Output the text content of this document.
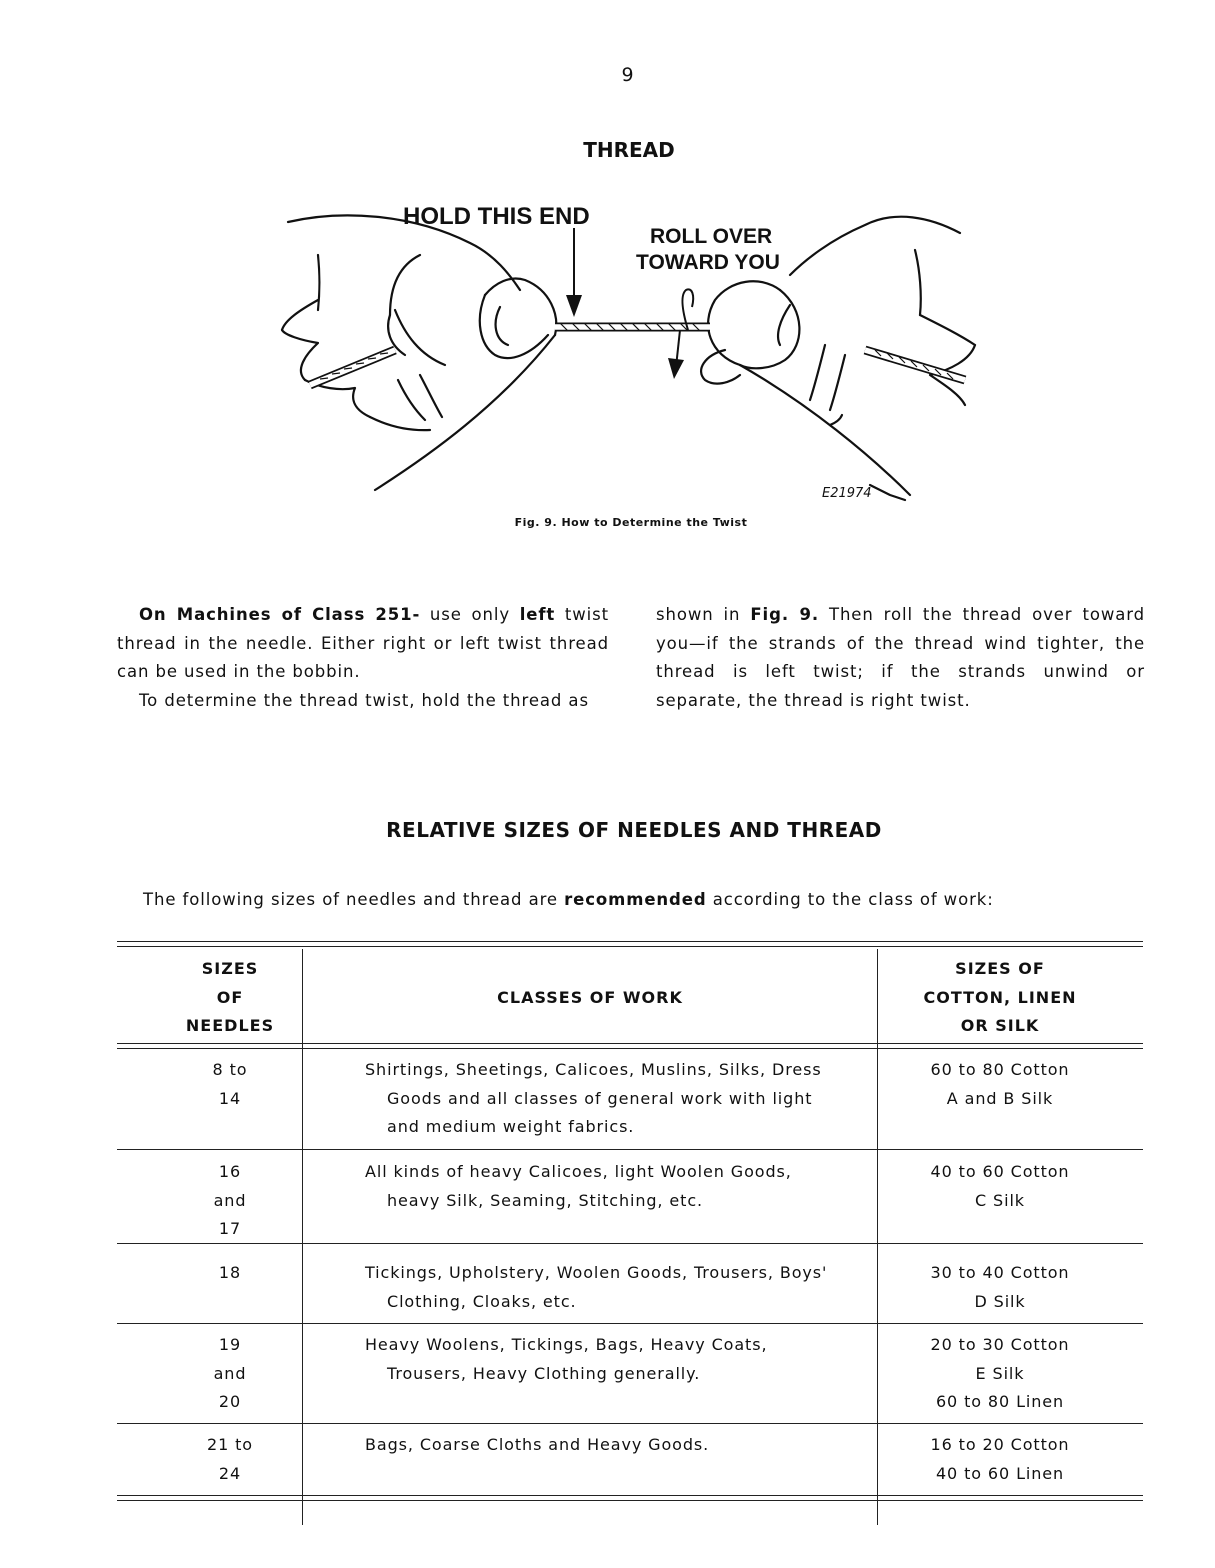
9
THREAD
HOLD THIS END
ROLL OVER
TOWARD YOU
E21974
Fig. 9. How to Determine the Twist

On Machines of Class 251- use only left twist thread in the needle. Either right or left twist thread can be used in the bobbin.

To determine the thread twist, hold the thread as

shown in Fig. 9. Then roll the thread over toward you—if the strands of the thread wind tighter, the thread is left twist; if the strands unwind or separate, the thread is right twist.

RELATIVE SIZES OF NEEDLES AND THREAD
The following sizes of needles and thread are recommended according to the class of work:
SIZES
OF
NEEDLES
CLASSES OF WORK
SIZES OF
COTTON, LINEN
OR SILK
8 to
14
Shirtings, Sheetings, Calicoes, Muslins, Silks, Dress
Goods and all classes of general work with light
and medium weight fabrics.
60 to 80 Cotton
A and B Silk
16
and
17
All kinds of heavy Calicoes, light Woolen Goods,
heavy Silk, Seaming, Stitching, etc.
40 to 60 Cotton
C Silk
18	Tickings, Upholstery, Woolen Goods, Trousers, Boys'
Clothing, Cloaks, etc.
30 to 40 Cotton
D Silk
19
and
20
Heavy Woolens, Tickings, Bags, Heavy Coats,
Trousers, Heavy Clothing generally.
20 to 30 Cotton
E Silk
60 to 80 Linen
21 to
24
Bags, Coarse Cloths and Heavy Goods.	16 to 20 Cotton
40 to 60 Linen
